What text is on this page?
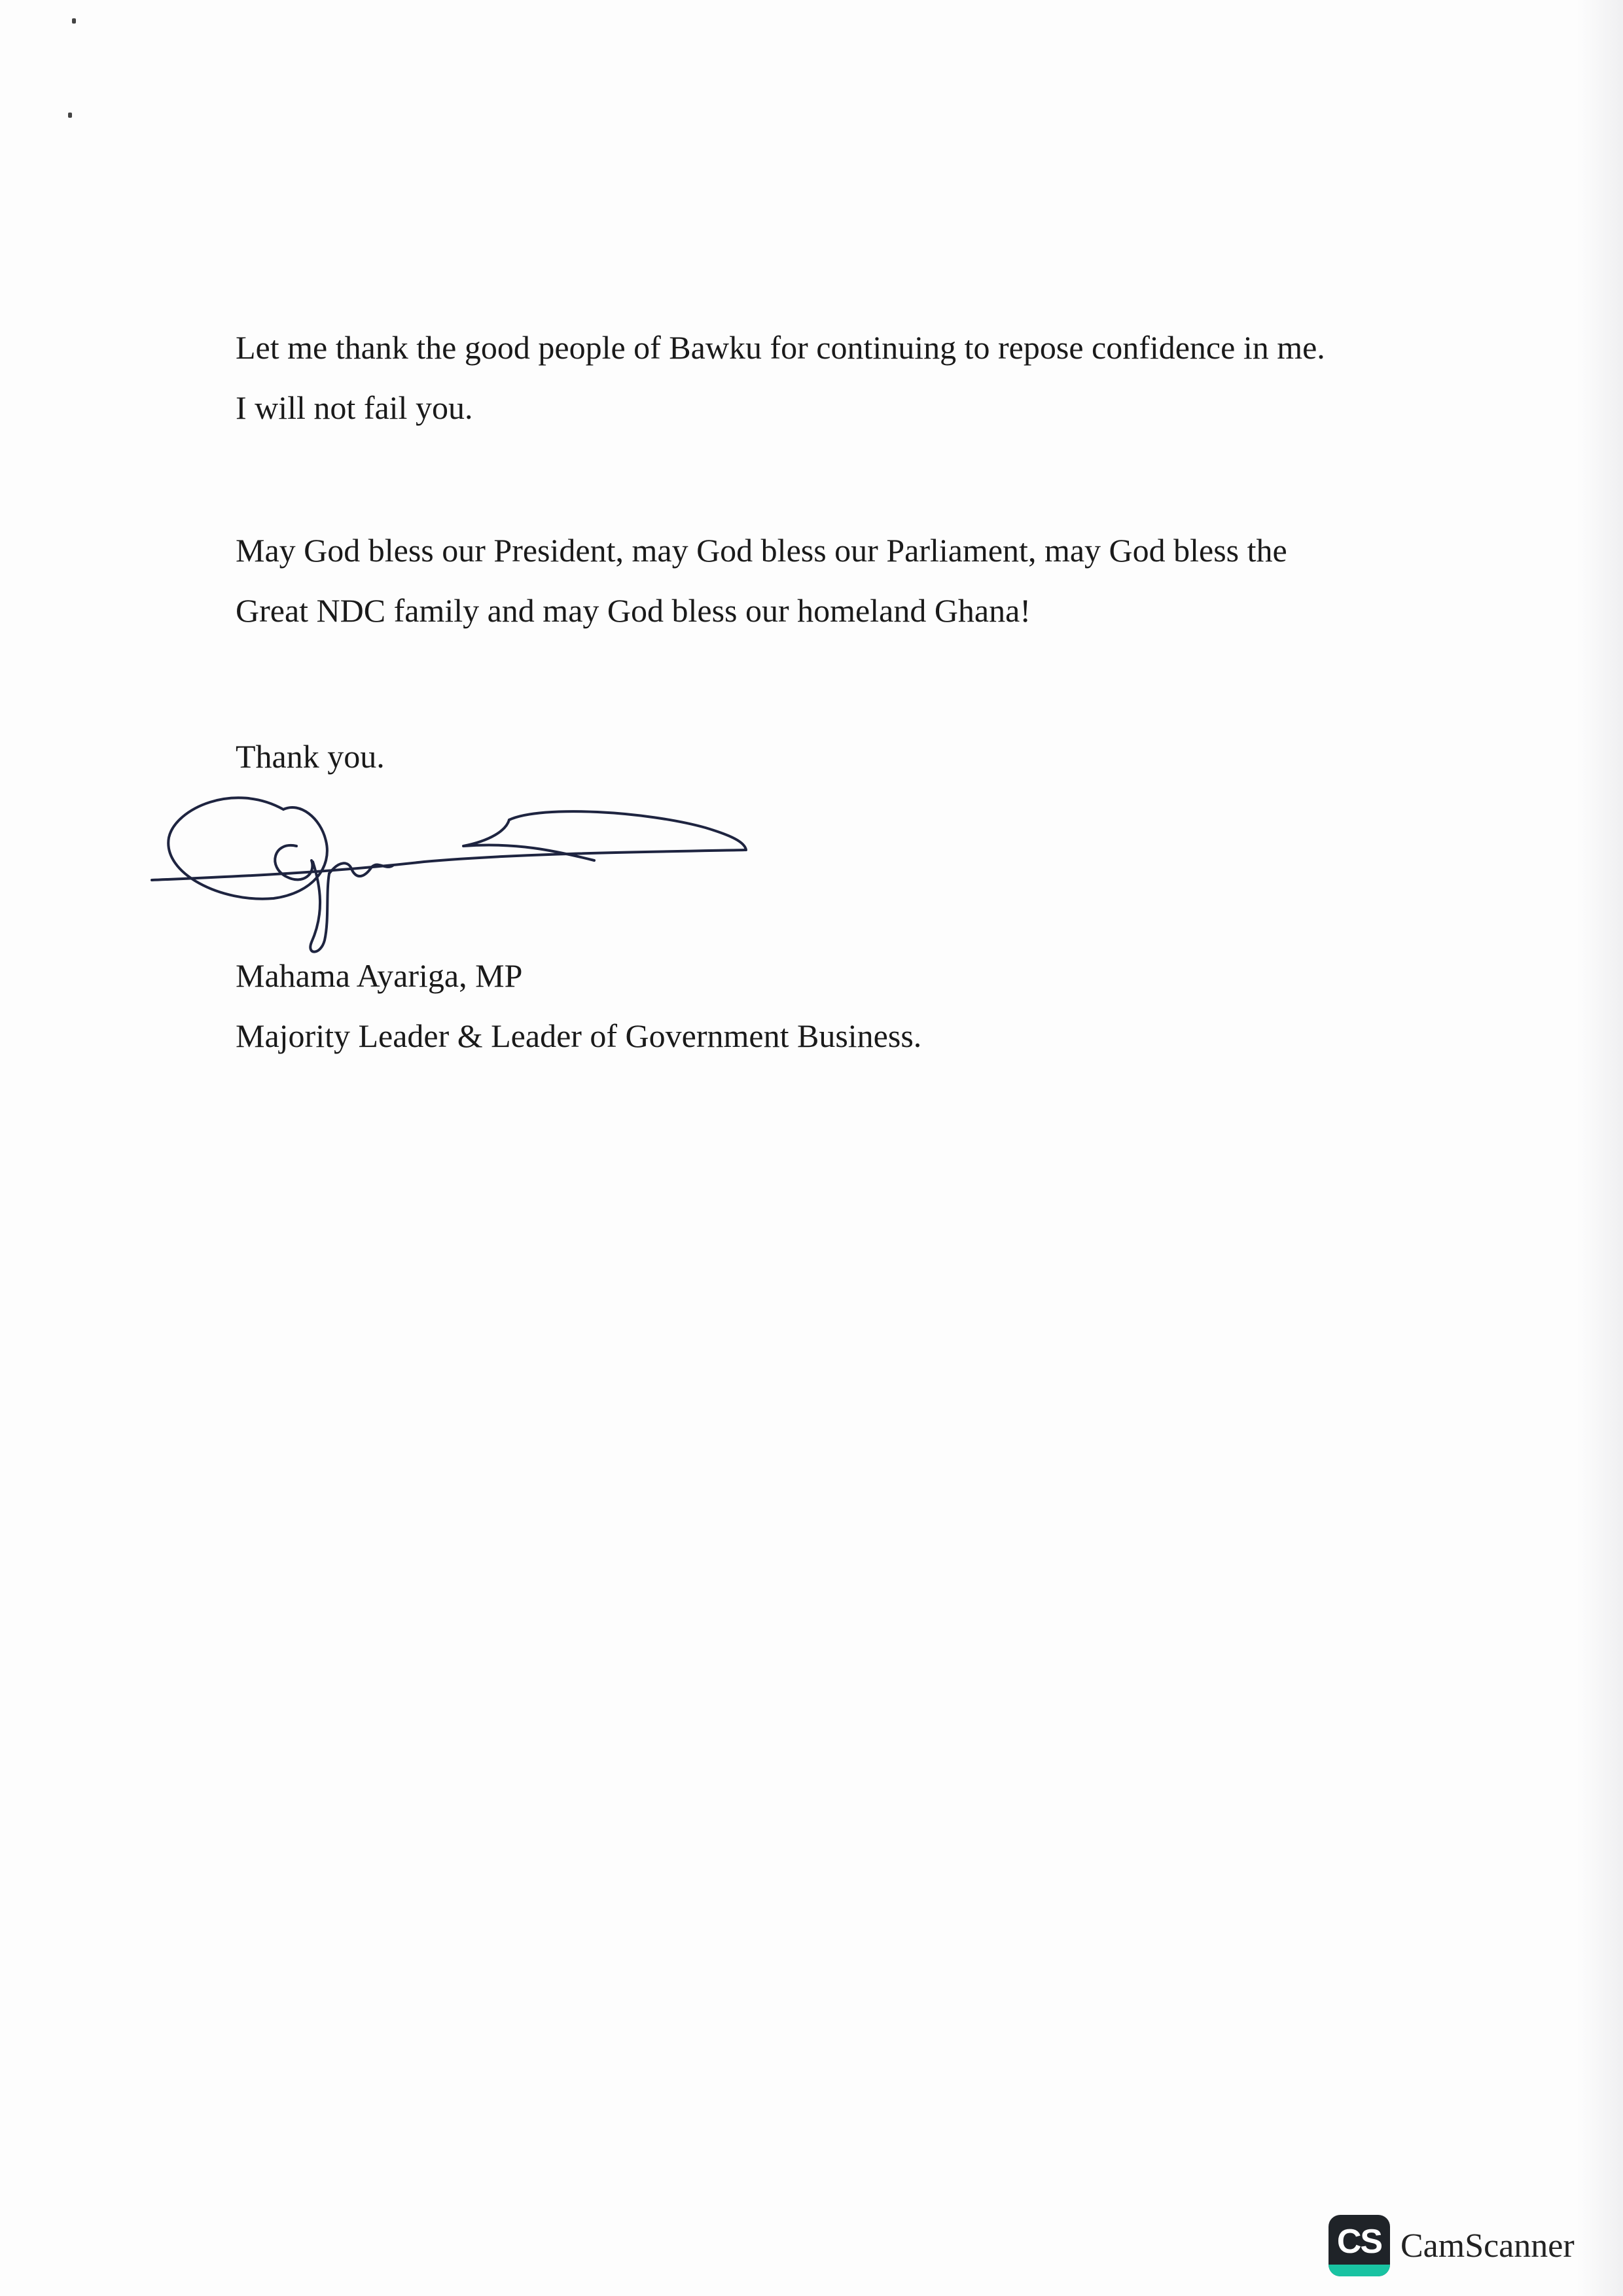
Let me thank the good people of Bawku for continuing to repose confidence in me.
I will not fail you.
May God bless our President, may God bless our Parliament, may God bless the
Great NDC family and may God bless our homeland Ghana!
Thank you.
Mahama Ayariga, MP
Majority Leader & Leader of Government Business.
CS CamScanner
